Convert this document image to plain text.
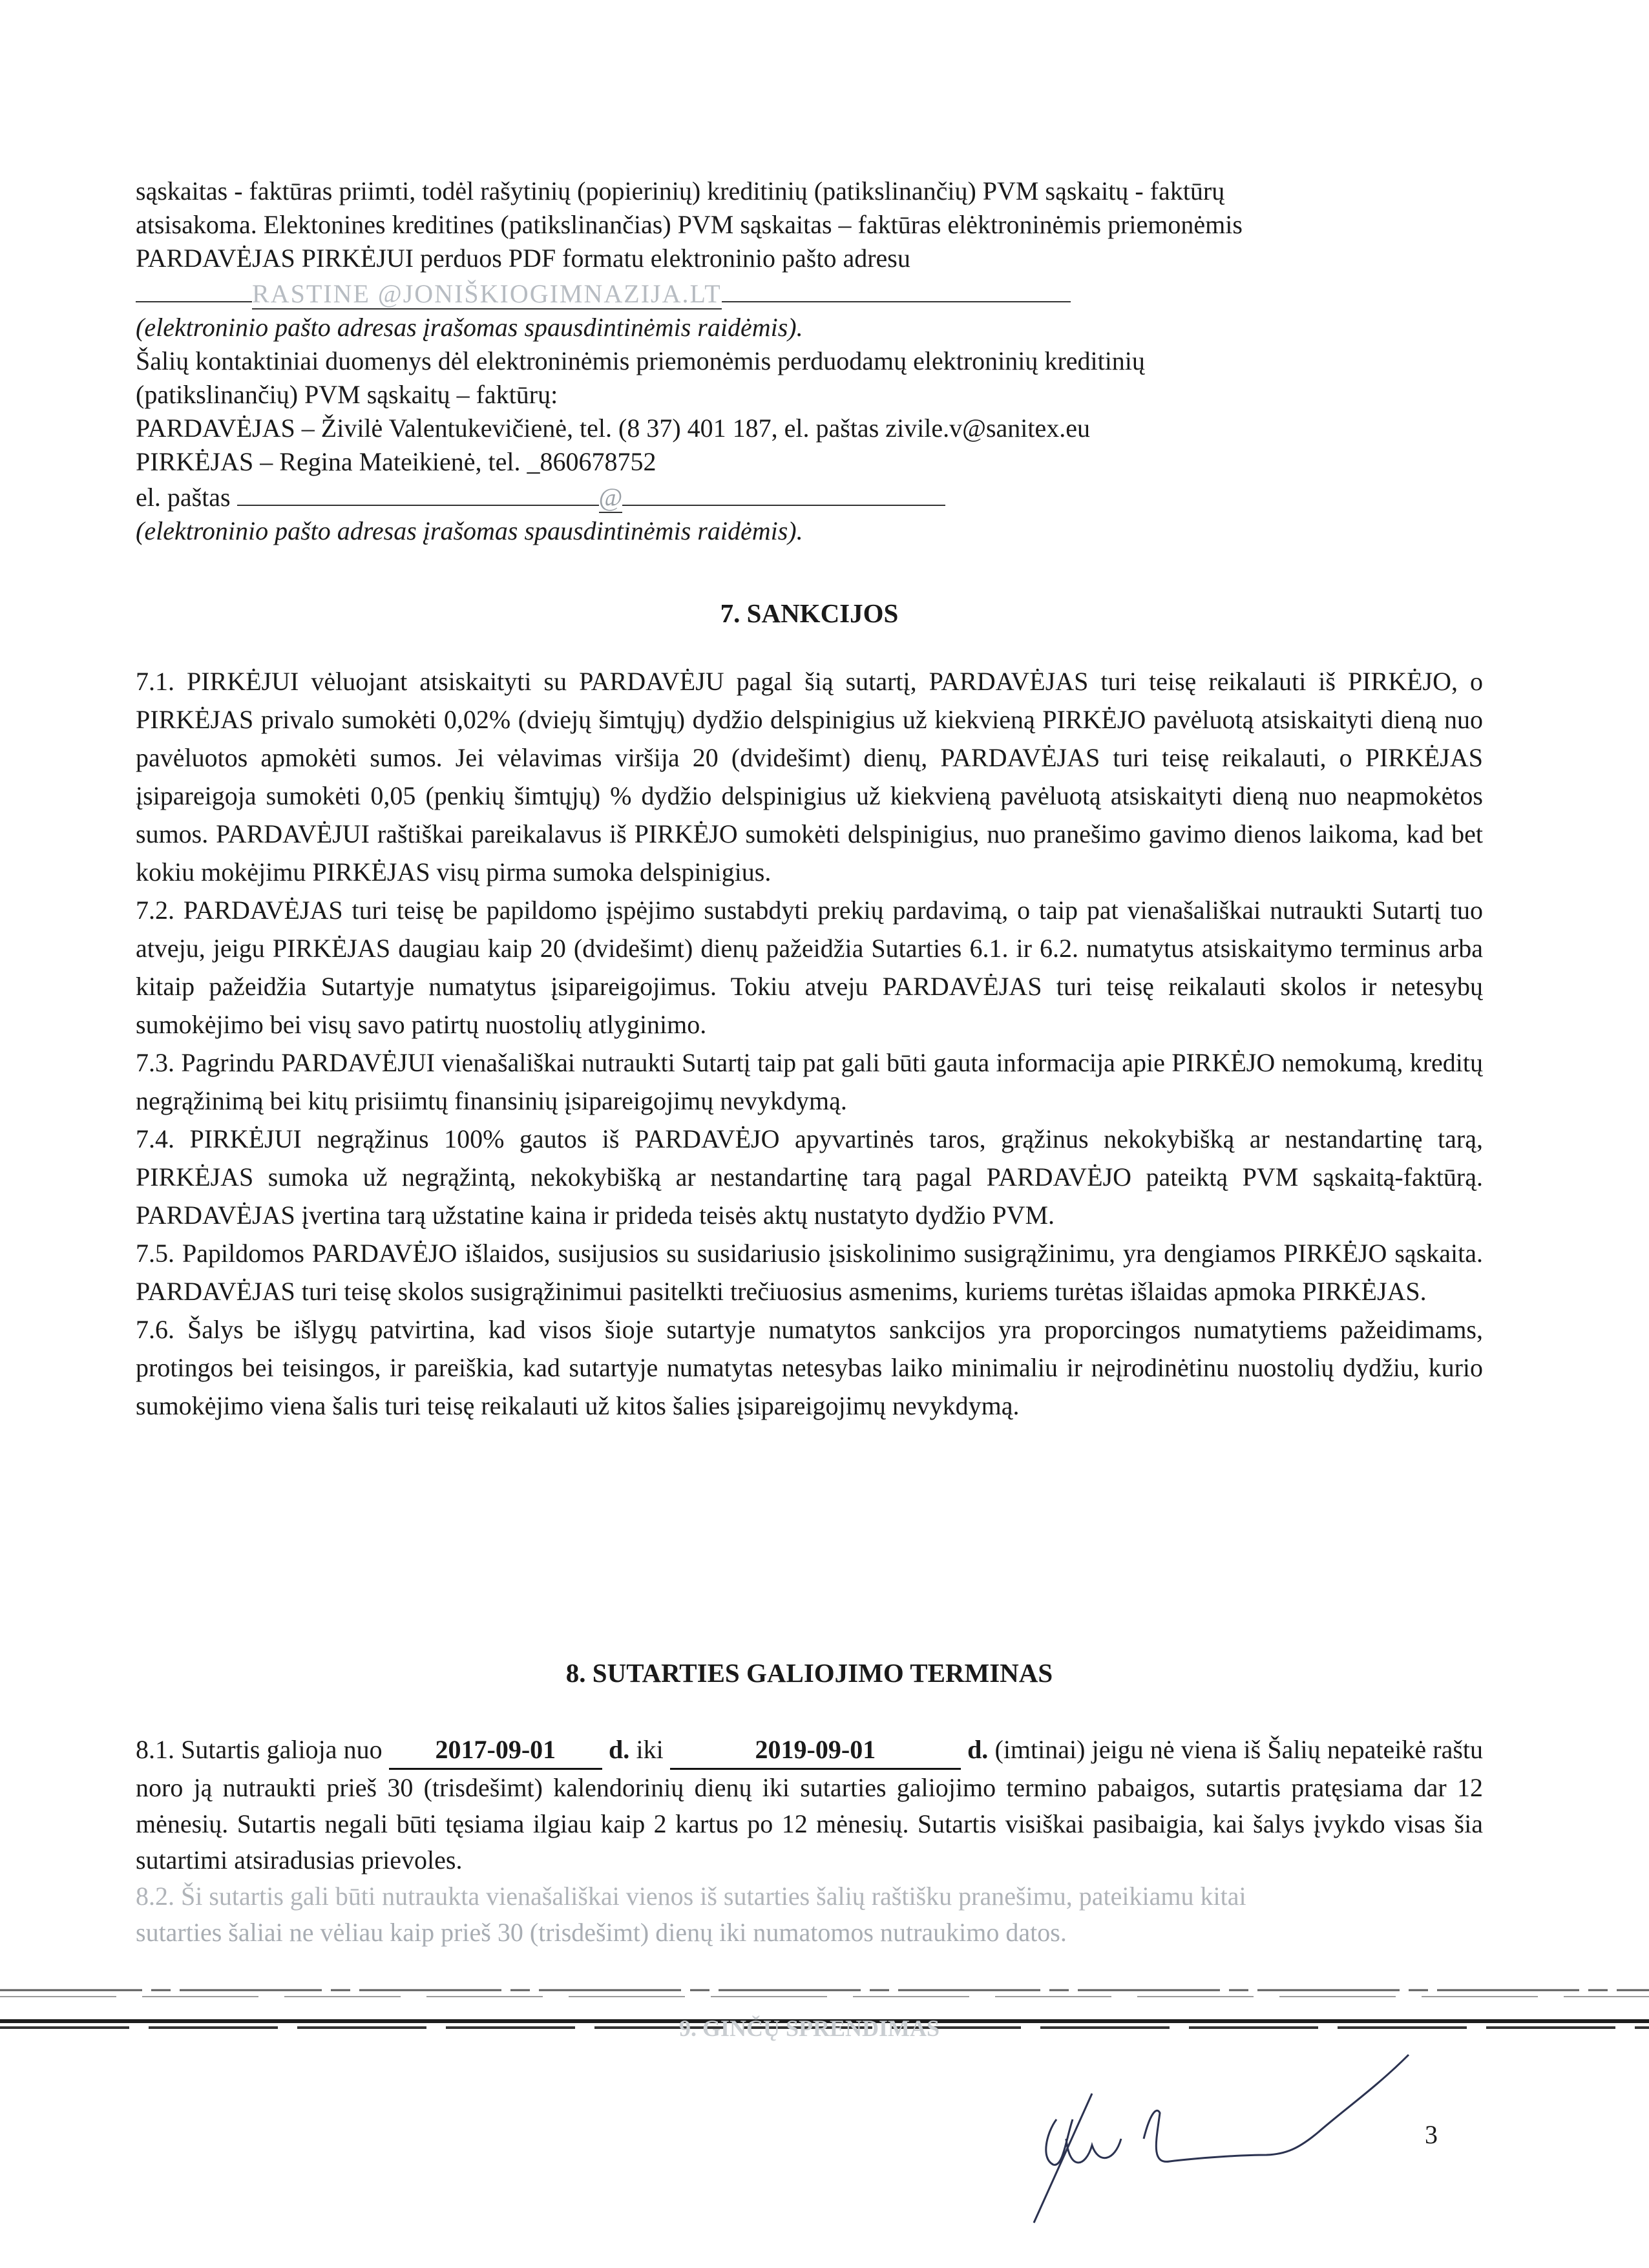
sąskaitas - faktūras priimti, todėl rašytinių (popierinių) kreditinių (patikslinančių) PVM sąskaitų - faktūrų

atsisakoma. Elektonines kreditines (patikslinančias) PVM sąskaitas – faktūras elėktroninėmis priemonėmis

PARDAVĖJAS PIRKĖJUI perduos PDF formatu elektroninio pašto adresu

RASTINE @JONIŠKIOGIMNAZIJA.LT

(elektroninio pašto adresas įrašomas spausdintinėmis raidėmis).

Šalių kontaktiniai duomenys dėl elektroninėmis priemonėmis perduodamų elektroninių kreditinių

(patikslinančių) PVM sąskaitų – faktūrų:

PARDAVĖJAS – Živilė Valentukevičienė, tel. (8 37) 401 187, el. paštas zivile.v@sanitex.eu

PIRKĖJAS – Regina Mateikienė, tel. _860678752

el. paštas	@

(elektroninio pašto adresas įrašomas spausdintinėmis raidėmis).

7. SANKCIJOS

7.1. PIRKĖJUI vėluojant atsiskaityti su PARDAVĖJU pagal šią sutartį, PARDAVĖJAS turi teisę reikalauti iš PIRKĖJO, o PIRKĖJAS privalo sumokėti 0,02% (dviejų šimtųjų) dydžio delspinigius už kiekvieną PIRKĖJO pavėluotą atsiskaityti dieną nuo pavėluotos apmokėti sumos. Jei vėlavimas viršija 20 (dvidešimt) dienų, PARDAVĖJAS turi teisę reikalauti, o PIRKĖJAS įsipareigoja sumokėti 0,05 (penkių šimtųjų) % dydžio delspinigius už kiekvieną pavėluotą atsiskaityti dieną nuo neapmokėtos sumos. PARDAVĖJUI raštiškai pareikalavus iš PIRKĖJO sumokėti delspinigius, nuo pranešimo gavimo dienos laikoma, kad bet kokiu mokėjimu PIRKĖJAS visų pirma sumoka delspinigius.

7.2. PARDAVĖJAS turi teisę be papildomo įspėjimo sustabdyti prekių pardavimą, o taip pat vienašališkai nutraukti Sutartį tuo atveju, jeigu PIRKĖJAS daugiau kaip 20 (dvidešimt) dienų pažeidžia Sutarties 6.1. ir 6.2. numatytus atsiskaitymo terminus arba kitaip pažeidžia Sutartyje numatytus įsipareigojimus. Tokiu atveju PARDAVĖJAS turi teisę reikalauti skolos ir netesybų sumokėjimo bei visų savo patirtų nuostolių atlyginimo.

7.3. Pagrindu PARDAVĖJUI vienašališkai nutraukti Sutartį taip pat gali būti gauta informacija apie PIRKĖJO nemokumą, kreditų negrąžinimą bei kitų prisiimtų finansinių įsipareigojimų nevykdymą.

7.4. PIRKĖJUI negrąžinus 100% gautos iš PARDAVĖJO apyvartinės taros, grąžinus nekokybišką ar nestandartinę tarą, PIRKĖJAS sumoka už negrąžintą, nekokybišką ar nestandartinę tarą pagal PARDAVĖJO pateiktą PVM sąskaitą-faktūrą. PARDAVĖJAS įvertina tarą užstatine kaina ir prideda teisės aktų nustatyto dydžio PVM.

7.5. Papildomos PARDAVĖJO išlaidos, susijusios su susidariusio įsiskolinimo susigrąžinimu, yra dengiamos PIRKĖJO sąskaita. PARDAVĖJAS turi teisę skolos susigrąžinimui pasitelkti trečiuosius asmenims, kuriems turėtas išlaidas apmoka PIRKĖJAS.

7.6. Šalys be išlygų patvirtina, kad visos šioje sutartyje numatytos sankcijos yra proporcingos numatytiems pažeidimams, protingos bei teisingos, ir pareiškia, kad sutartyje numatytas netesybas laiko minimaliu ir neįrodinėtinu nuostolių dydžiu, kurio sumokėjimo viena šalis turi teisę reikalauti už kitos šalies įsipareigojimų nevykdymą.

8. SUTARTIES GALIOJIMO TERMINAS

8.1. Sutartis galioja nuo 2017-09-01 d. iki	2019-09-01	d. (imtinai) jeigu nė viena iš Šalių nepateikė raštu noro ją nutraukti prieš 30 (trisdešimt) kalendorinių dienų iki sutarties galiojimo termino pabaigos, sutartis pratęsiama dar 12 mėnesių. Sutartis negali būti tęsiama ilgiau kaip 2 kartus po 12 mėnesių. Sutartis visiškai pasibaigia, kai šalys įvykdo visas šia sutartimi atsiradusias prievoles.

8.2. Ši sutartis gali būti nutraukta vienašališkai vienos iš sutarties šalių raštišku pranešimu, pateikiamu kitai

sutarties šaliai ne vėliau kaip prieš 30 (trisdešimt) dienų iki numatomos nutraukimo datos.

9. GINČŲ SPRENDIMAS
3
